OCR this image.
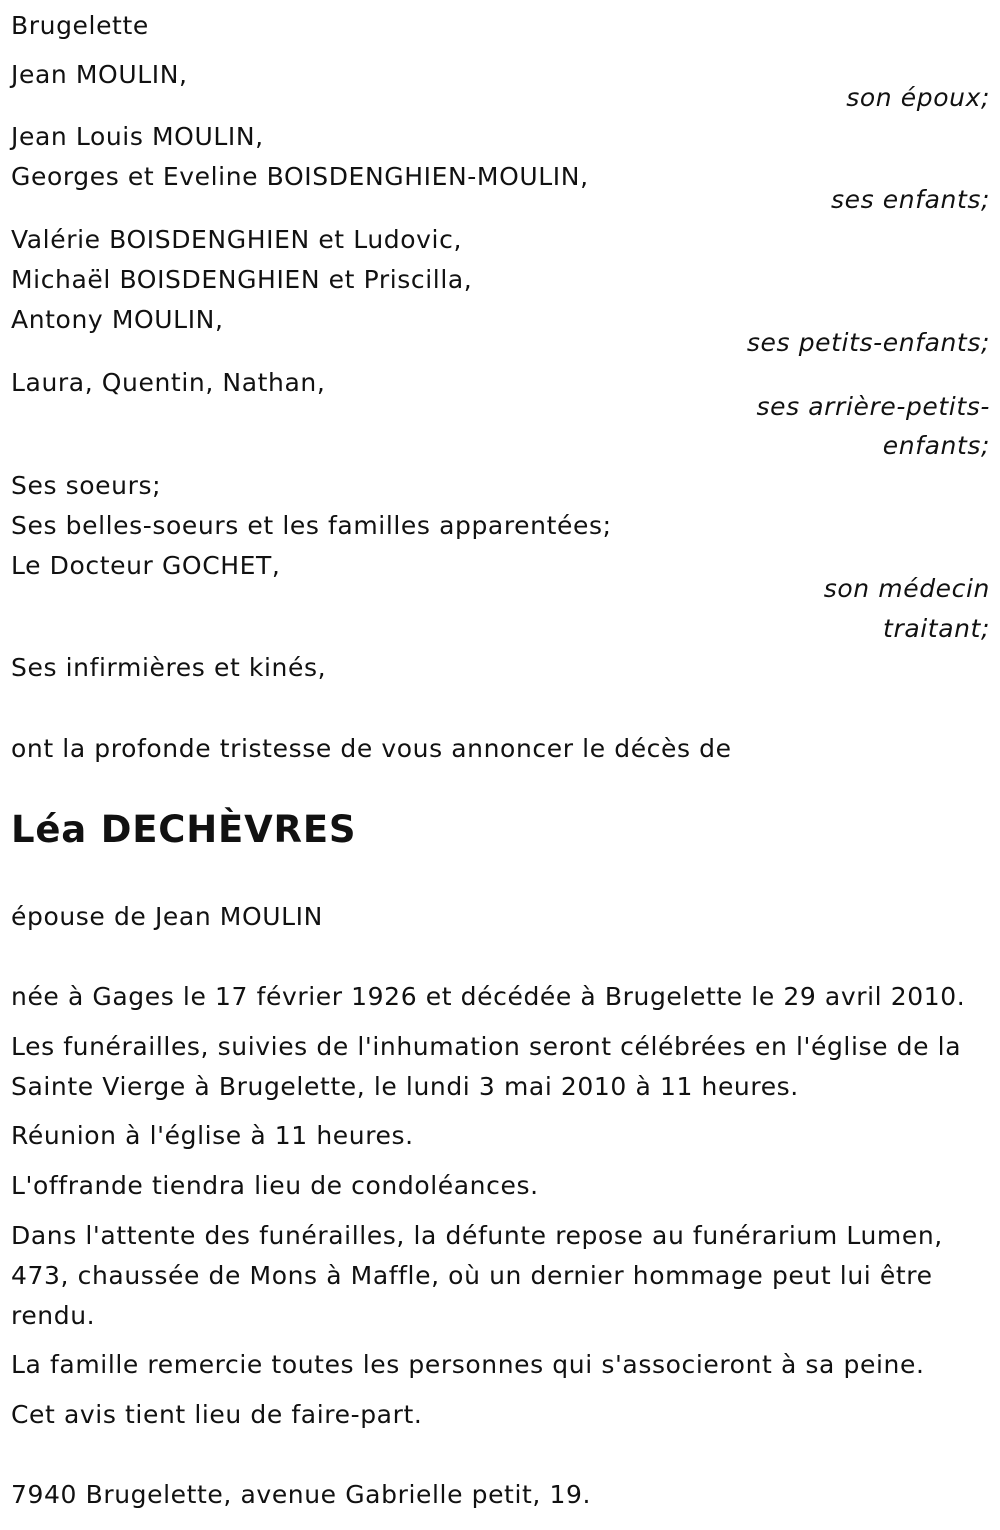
Brugelette
Jean MOULIN,
son époux;
Jean Louis MOULIN,
Georges et Eveline BOISDENGHIEN-MOULIN,
ses enfants;
Valérie BOISDENGHIEN et Ludovic,
Michaël BOISDENGHIEN et Priscilla,
Antony MOULIN,
ses petits-enfants;
Laura, Quentin, Nathan,
ses arrière-petits-
enfants;
Ses soeurs;
Ses belles-soeurs et les familles apparentées;
Le Docteur GOCHET,
son médecin
traitant;
Ses infirmières et kinés,
ont la profonde tristesse de vous annoncer le décès de
Léa DECHÈVRES
épouse de Jean MOULIN
née à Gages le 17 février 1926 et décédée à Brugelette le 29 avril 2010.
Les funérailles, suivies de l'inhumation seront célébrées en l'église de la
Sainte Vierge à Brugelette, le lundi 3 mai 2010 à 11 heures.
Réunion à l'église à 11 heures.
L'offrande tiendra lieu de condoléances.
Dans l'attente des funérailles, la défunte repose au funérarium Lumen,
473, chaussée de Mons à Maffle, où un dernier hommage peut lui être
rendu.
La famille remercie toutes les personnes qui s'associeront à sa peine.
Cet avis tient lieu de faire-part.
7940 Brugelette, avenue Gabrielle petit, 19.
